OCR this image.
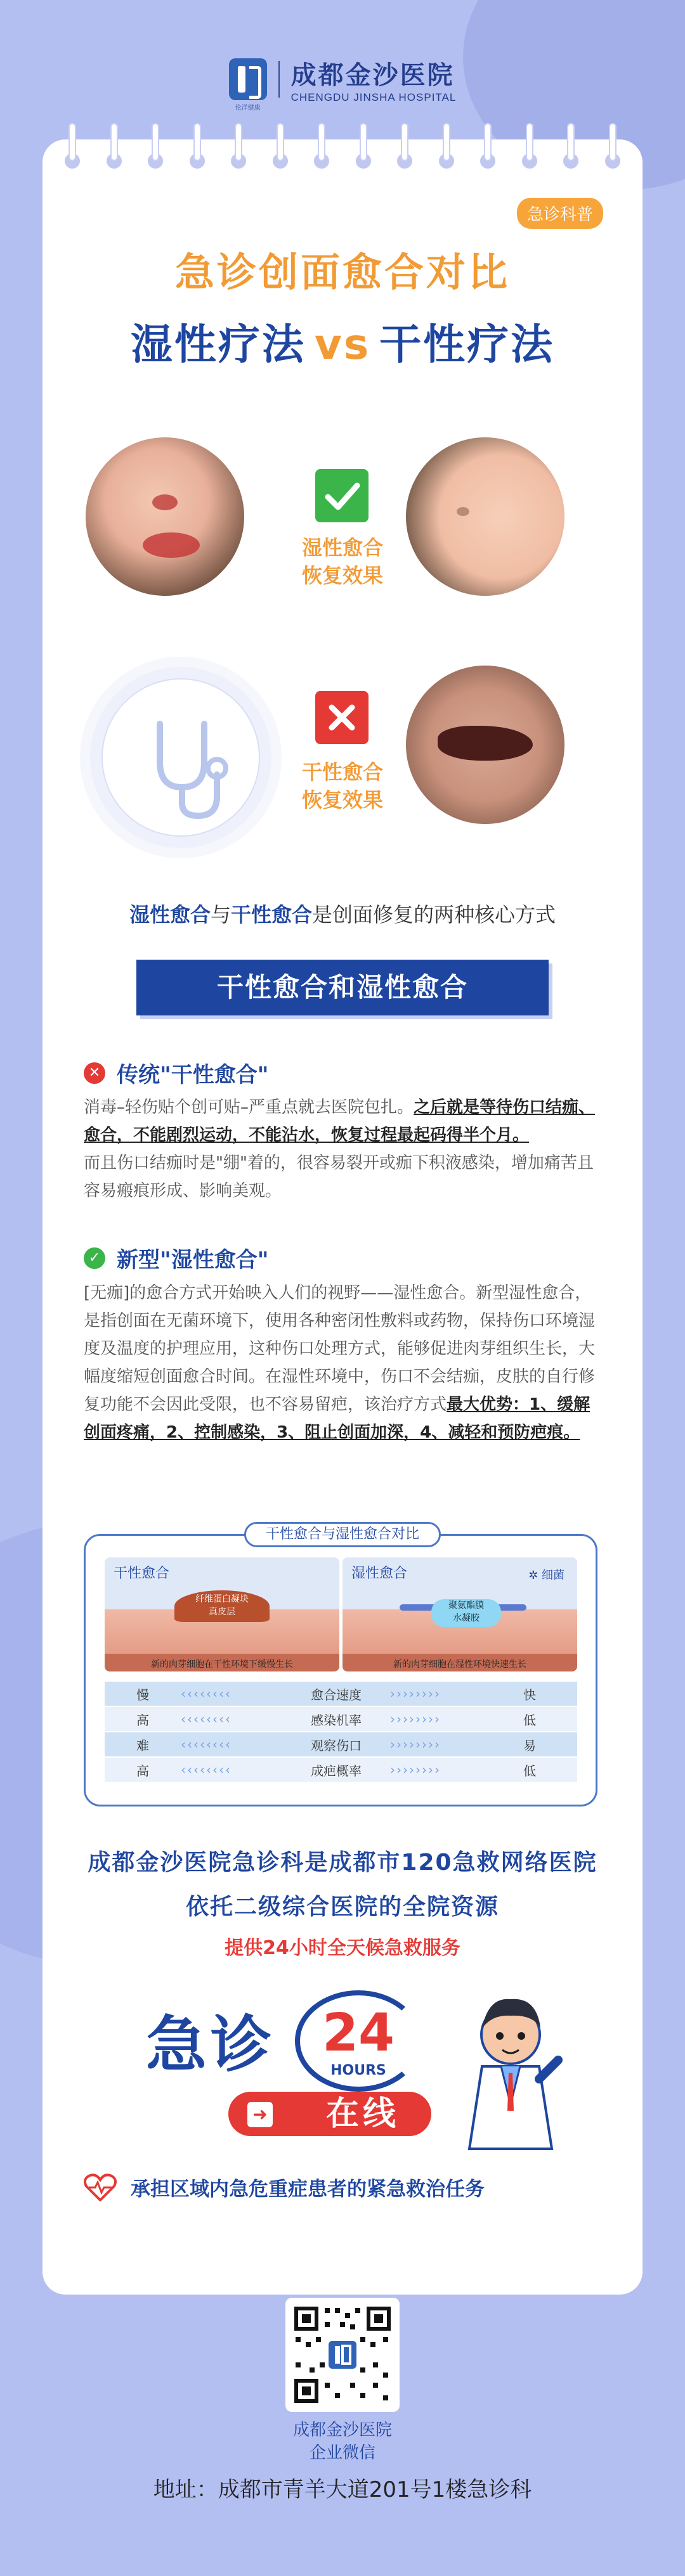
伦洋健康
成都金沙医院
CHENGDU JINSHA HOSPITAL
急诊科普
急诊创面愈合对比
湿性疗法 vs 干性疗法
湿性愈合
恢复效果
干性愈合
恢复效果
湿性愈合与干性愈合是创面修复的两种核心方式
干性愈合和湿性愈合
✕ 传统"干性愈合"
消毒–轻伤贴个创可贴–严重点就去医院包扎。之后就是等待伤口结痂、愈合，不能剧烈运动，不能沾水，恢复过程最起码得半个月。
而且伤口结痂时是"绷"着的，很容易裂开或痂下积液感染，增加痛苦且容易瘢痕形成、影响美观。
✓ 新型"湿性愈合"
[无痂]的愈合方式开始映入人们的视野——湿性愈合。新型湿性愈合，是指创面在无菌环境下，使用各种密闭性敷料或药物，保持伤口环境湿度及温度的护理应用，这种伤口处理方式，能够促进肉芽组织生长，大幅度缩短创面愈合时间。在湿性环境中，伤口不会结痂，皮肤的自行修复功能不会因此受限，也不容易留疤，该治疗方式最大优势：1、缓解创面疼痛，2、控制感染，3、阻止创面加深，4、减轻和预防疤痕。
干性愈合与湿性愈合对比
干性愈合
纤维蛋白凝块
真皮层
新的肉芽细胞在干性环境下缓慢生长
湿性愈合	✲ 细菌
聚氨酯膜
水凝胶
新的肉芽细胞在湿性环境快速生长
慢	‹‹‹‹‹‹‹‹	愈合速度	››››››››	快
高	‹‹‹‹‹‹‹‹	感染机率	››››››››	低
难	‹‹‹‹‹‹‹‹	观察伤口	››››››››	易
高	‹‹‹‹‹‹‹‹	成疤概率	››››››››	低
成都金沙医院急诊科是成都市120急救网络医院
依托二级综合医院的全院资源
提供24小时全天候急救服务
急诊 24
HOURS
在线
➜
承担区域内急危重症患者的紧急救治任务
成都金沙医院
企业微信
地址：成都市青羊大道201号1楼急诊科
